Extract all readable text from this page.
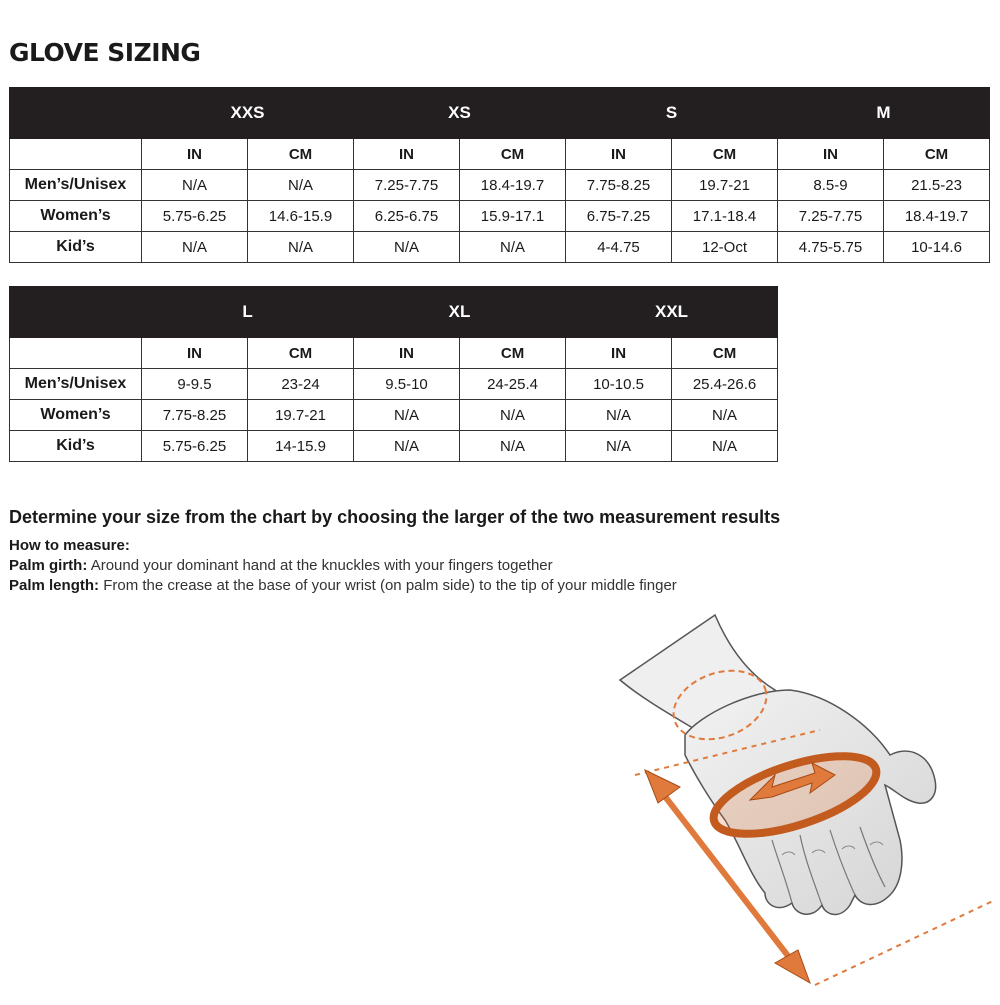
GLOVE SIZING
	XXS		XS		S		M	
	IN	CM	IN	CM	IN	CM	IN	CM
Men’s/Unisex	N/A	N/A	7.25-7.75	18.4-19.7	7.75-8.25	19.7-21	8.5-9	21.5-23
Women’s	5.75-6.25	14.6-15.9	6.25-6.75	15.9-17.1	6.75-7.25	17.1-18.4	7.25-7.75	18.4-19.7
Kid’s	N/A	N/A	N/A	N/A	4-4.75	12-Oct	4.75-5.75	10-14.6
	L		XL		XXL	
	IN	CM	IN	CM	IN	CM
Men’s/Unisex	9-9.5	23-24	9.5-10	24-25.4	10-10.5	25.4-26.6
Women’s	7.75-8.25	19.7-21	N/A	N/A	N/A	N/A
Kid’s	5.75-6.25	14-15.9	N/A	N/A	N/A	N/A
Determine your size from the chart by choosing the larger of the two measurement results
How to measure:
Palm girth: Around your dominant hand at the knuckles with your fingers together
Palm length: From the crease at the base of your wrist (on palm side) to the tip of your middle finger
